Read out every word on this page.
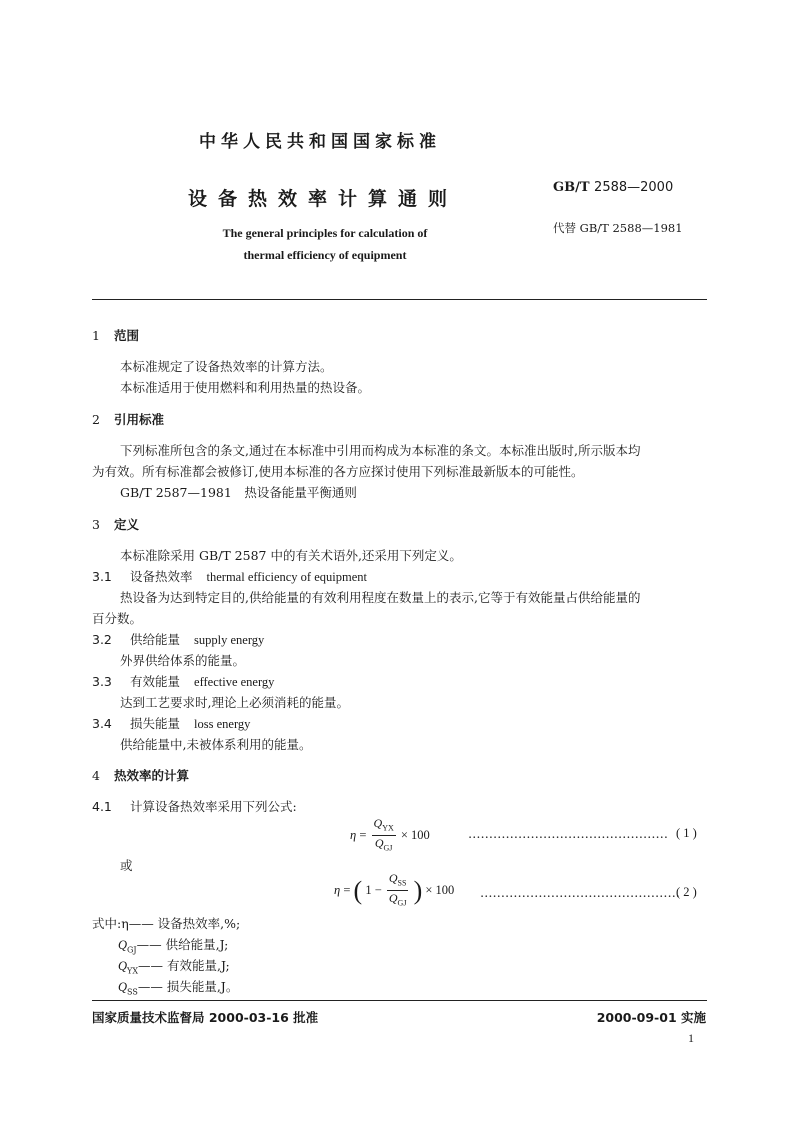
中华人民共和国国家标准
设备热效率计算通则
GB/T 2588—2000
The general principles for calculation of
thermal efficiency of equipment
代替 GB/T 2588—1981
1 范围
本标准规定了设备热效率的计算方法。
本标准适用于使用燃料和利用热量的热设备。
2 引用标准
下列标准所包含的条文,通过在本标准中引用而构成为本标准的条文。本标准出版时,所示版本均
为有效。所有标准都会被修订,使用本标准的各方应探讨使用下列标准最新版本的可能性。
GB/T 2587—1981　热设备能量平衡通则
3 定义
本标准除采用 GB/T 2587 中的有关术语外,还采用下列定义。
3.1 设备热效率 thermal efficiency of equipment
热设备为达到特定目的,供给能量的有效利用程度在数量上的表示,它等于有效能量占供给能量的
百分数。
3.2 供给能量 supply energy
外界供给体系的能量。
3.3 有效能量 effective energy
达到工艺要求时,理论上必须消耗的能量。
3.4 损失能量 loss energy
供给能量中,未被体系利用的能量。
4 热效率的计算
4.1 计算设备热效率采用下列公式:
$\eta = \frac{Q_{YX}}{Q_{GJ}} \times 100$	………………………………………… ( 1 )
或
η = ( $1 - \frac{Q_{SS}}{Q_{GJ}}$ ) × 100 …………………………………………
( 2 )
式中:η—— 设备热效率,%;
$Q_{GJ}——$ 供给能量,J;
$Q_{YX}——$ 有效能量,J;
$Q_{SS}——$ 损失能量,J。
国家质量技术监督局 2000-03-16 批准	2000-09-01 实施
1
